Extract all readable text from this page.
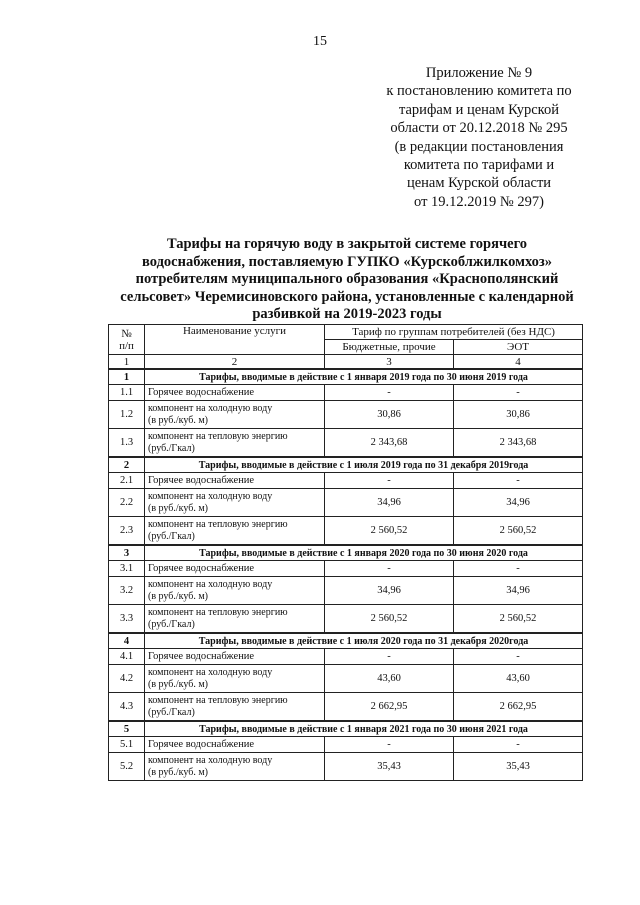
15
Приложение № 9
к постановлению комитета по
тарифам и ценам Курской
области от 20.12.2018 № 295
(в редакции постановления
комитета по тарифами и
ценам Курской области
от 19.12.2019 № 297)
Тарифы на горячую воду в закрытой системе горячего
водоснабжения, поставляемую ГУПКО «Курскоблжилкомхоз»
потребителям муниципального образования «Краснополянский
сельсовет» Черемисиновского района, установленные с календарной
разбивкой на 2019-2023 годы
№
п/п	Наименование услуги	Тариф по группам потребителей (без НДС)	
		Бюджетные, прочие	ЭОТ
1	2	3	4
1	Тарифы, вводимые в действие с 1 января 2019 года по 30 июня 2019 года		
1.1	Горячее водоснабжение	-	-
1.2	компонент на холодную воду
(в руб./куб. м)	30,86	30,86
1.3	компонент на тепловую энергию
(руб./Гкал)	2 343,68	2 343,68
2	Тарифы, вводимые в действие с 1 июля 2019 года по 31 декабря 2019года		
2.1	Горячее водоснабжение	-	-
2.2	компонент на холодную воду
(в руб./куб. м)	34,96	34,96
2.3	компонент на тепловую энергию
(руб./Гкал)	2 560,52	2 560,52
3	Тарифы, вводимые в действие с 1 января 2020 года по 30 июня 2020 года		
3.1	Горячее водоснабжение	-	-
3.2	компонент на холодную воду
(в руб./куб. м)	34,96	34,96
3.3	компонент на тепловую энергию
(руб./Гкал)	2 560,52	2 560,52
4	Тарифы, вводимые в действие с 1 июля 2020 года по 31 декабря 2020года		
4.1	Горячее водоснабжение	-	-
4.2	компонент на холодную воду
(в руб./куб. м)	43,60	43,60
4.3	компонент на тепловую энергию
(руб./Гкал)	2 662,95	2 662,95
5	Тарифы, вводимые в действие с 1 января 2021 года по 30 июня 2021 года		
5.1	Горячее водоснабжение	-	-
5.2	компонент на холодную воду
(в руб./куб. м)	35,43	35,43
